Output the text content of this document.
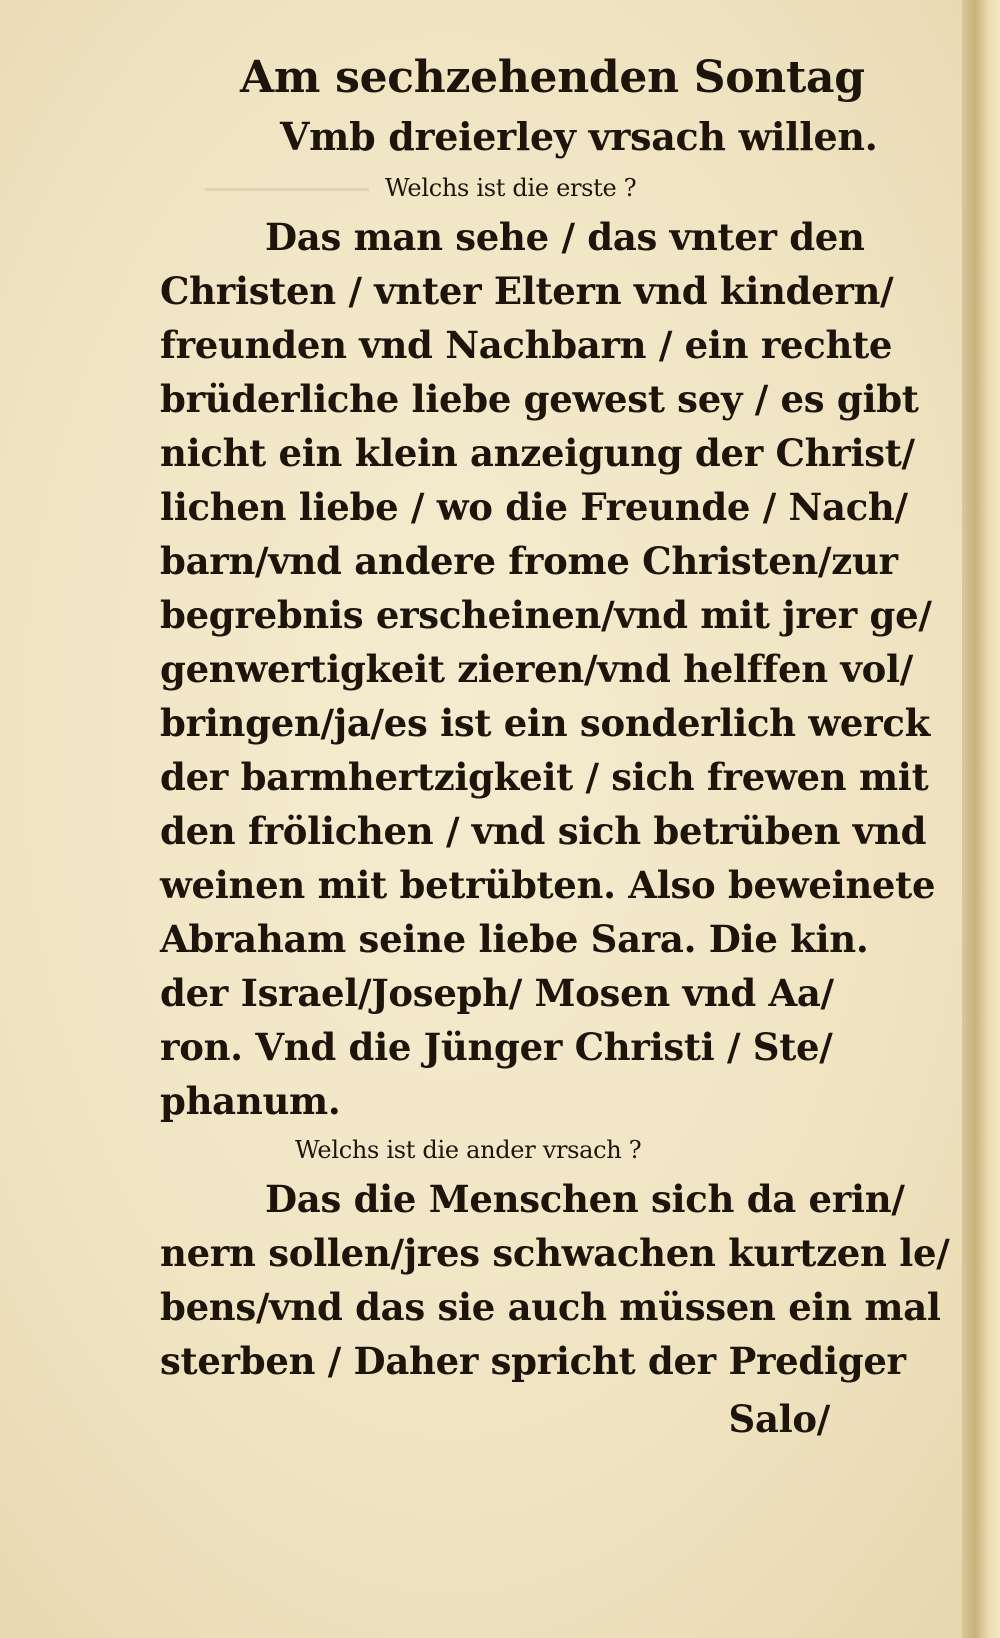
────────
Am sechzehenden Sontag
Vmb dreierley vrsach willen.
Welchs ist die erste ?
Das man sehe / das vnter den
Christen / vnter Eltern vnd kindern/
freunden vnd Nachbarn / ein rechte
brüderliche liebe gewest sey / es gibt
nicht ein klein anzeigung der Christ/
lichen liebe / wo die Freunde / Nach/
barn/vnd andere frome Christen/zur
begrebnis erscheinen/vnd mit jrer ge/
genwertigkeit zieren/vnd helffen vol/
bringen/ja/es ist ein sonderlich werck
der barmhertzigkeit / sich frewen mit
den frölichen / vnd sich betrüben vnd
weinen mit betrübten. Also beweinete
Abraham seine liebe Sara. Die kin.
der Israel/Joseph/ Mosen vnd Aa/
ron. Vnd die Jünger Christi / Ste/
phanum.
Welchs ist die ander vrsach ?
Das die Menschen sich da erin/
nern sollen/jres schwachen kurtzen le/
bens/vnd das sie auch müssen ein mal
sterben / Daher spricht der Prediger
Salo/
